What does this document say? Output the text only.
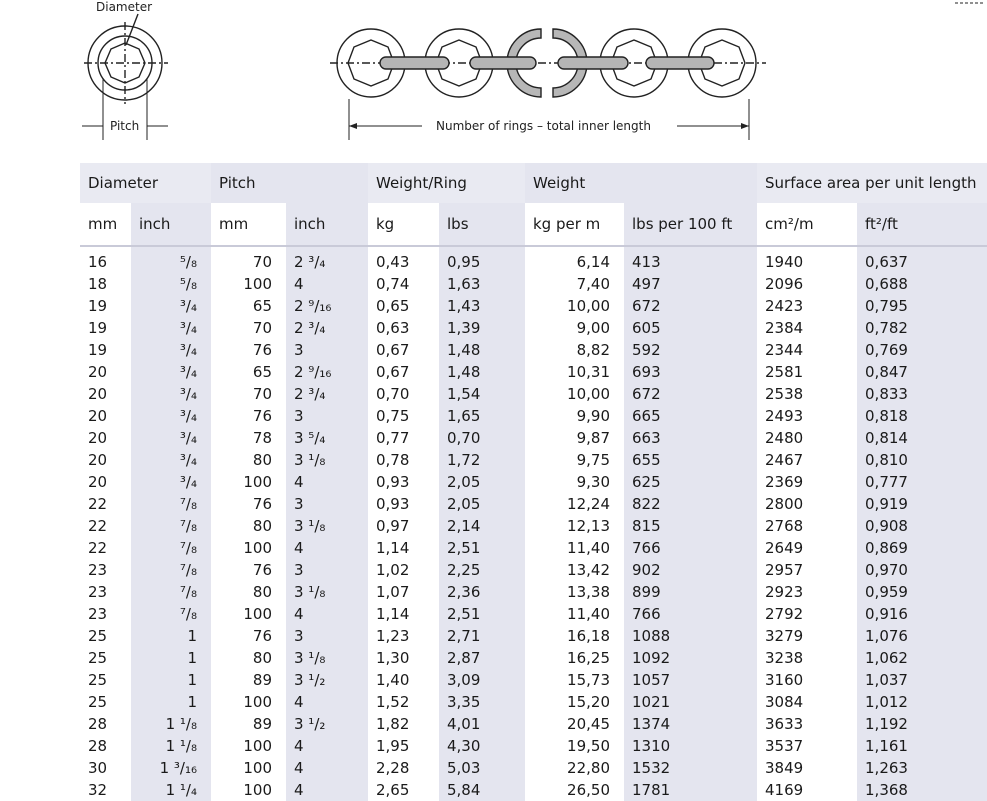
Diameter
Pitch	Number of rings – total inner length
Diameter		Pitch		Weight/Ring		Weight		Surface area per unit length	
mm	inch	mm	inch	kg	lbs	kg per m	lbs per 100 ft	cm²/m	ft²/ft

16	⁵/₈	70	2 ³/₄	0,43	0,95	6,14	413	1940	0,637
18	⁵/₈	100	4	0,74	1,63	7,40	497	2096	0,688
19	³/₄	65	2 ⁹/₁₆	0,65	1,43	10,00	672	2423	0,795
19	³/₄	70	2 ³/₄	0,63	1,39	9,00	605	2384	0,782
19	³/₄	76	3	0,67	1,48	8,82	592	2344	0,769
20	³/₄	65	2 ⁹/₁₆	0,67	1,48	10,31	693	2581	0,847
20	³/₄	70	2 ³/₄	0,70	1,54	10,00	672	2538	0,833
20	³/₄	76	3	0,75	1,65	9,90	665	2493	0,818
20	³/₄	78	3 ⁵/₄	0,77	0,70	9,87	663	2480	0,814
20	³/₄	80	3 ¹/₈	0,78	1,72	9,75	655	2467	0,810
20	³/₄	100	4	0,93	2,05	9,30	625	2369	0,777
22	⁷/₈	76	3	0,93	2,05	12,24	822	2800	0,919
22	⁷/₈	80	3 ¹/₈	0,97	2,14	12,13	815	2768	0,908
22	⁷/₈	100	4	1,14	2,51	11,40	766	2649	0,869
23	⁷/₈	76	3	1,02	2,25	13,42	902	2957	0,970
23	⁷/₈	80	3 ¹/₈	1,07	2,36	13,38	899	2923	0,959
23	⁷/₈	100	4	1,14	2,51	11,40	766	2792	0,916
25	1	76	3	1,23	2,71	16,18	1088	3279	1,076
25	1	80	3 ¹/₈	1,30	2,87	16,25	1092	3238	1,062
25	1	89	3 ¹/₂	1,40	3,09	15,73	1057	3160	1,037
25	1	100	4	1,52	3,35	15,20	1021	3084	1,012
28	1 ¹/₈	89	3 ¹/₂	1,82	4,01	20,45	1374	3633	1,192
28	1 ¹/₈	100	4	1,95	4,30	19,50	1310	3537	1,161
30	1 ³/₁₆	100	4	2,28	5,03	22,80	1532	3849	1,263
32	1 ¹/₄	100	4	2,65	5,84	26,50	1781	4169	1,368
